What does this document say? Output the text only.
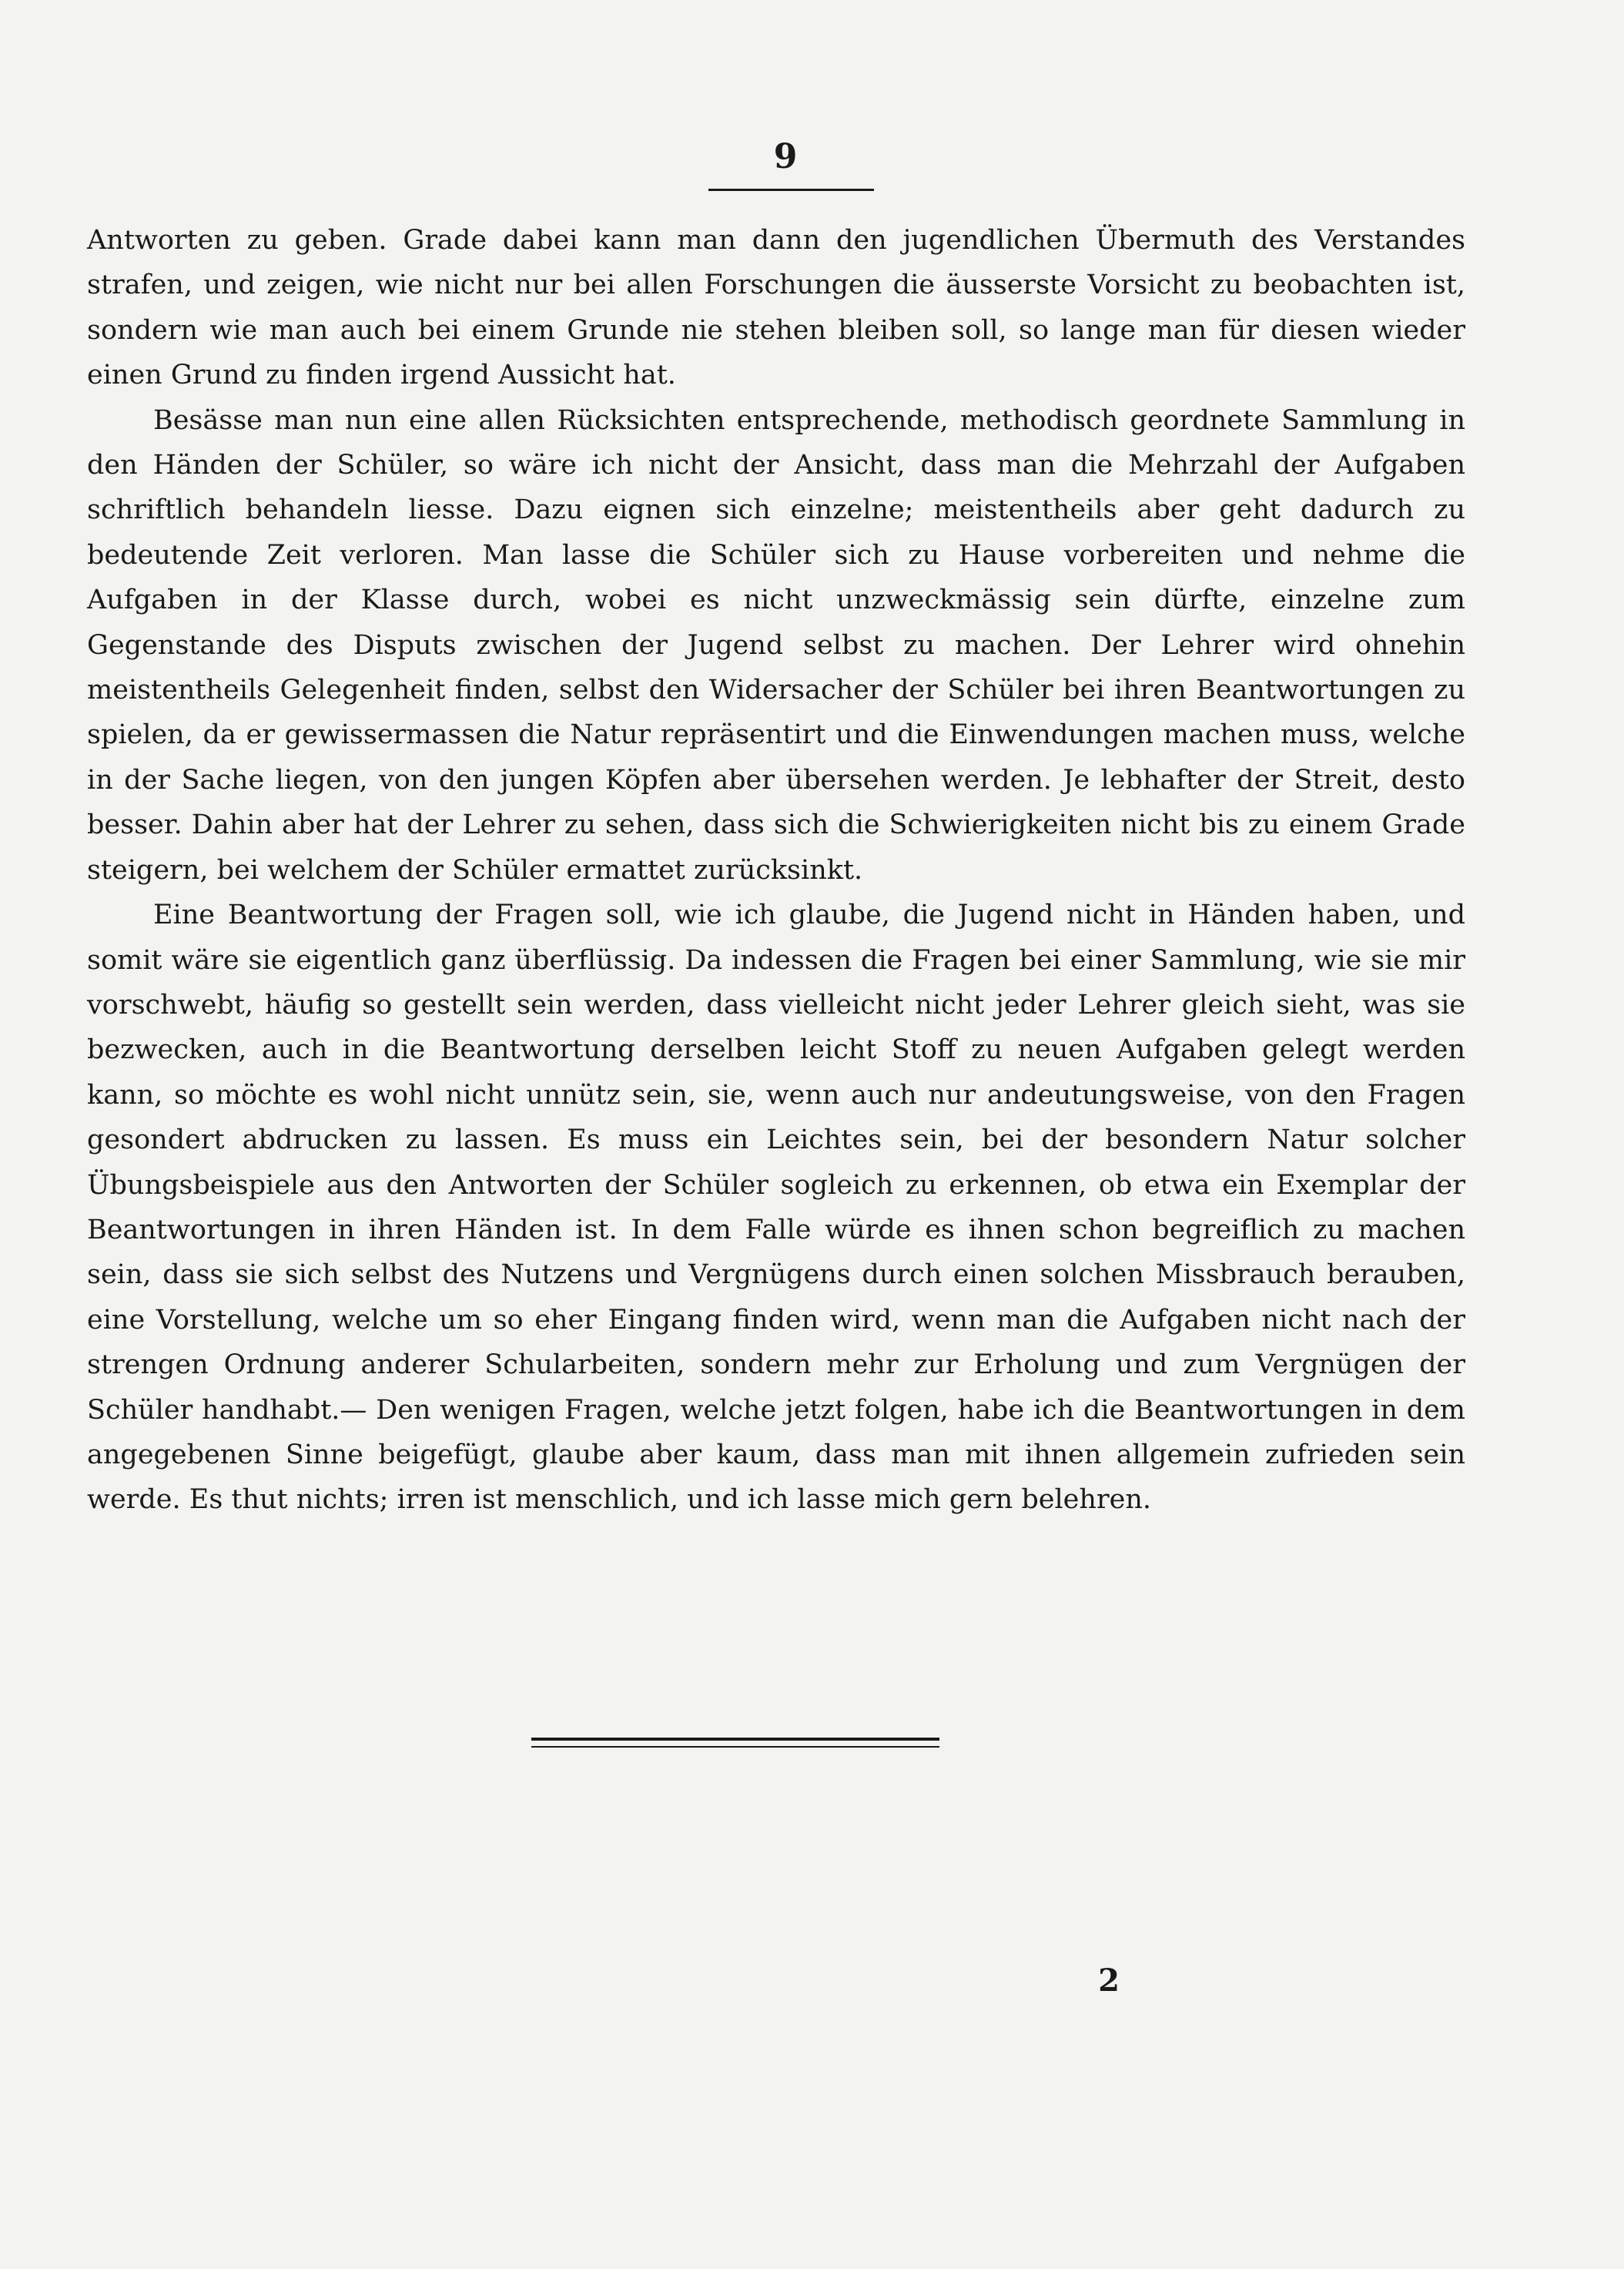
9

Antworten zu geben. Grade dabei kann man dann den jugendlichen Übermuth des Verstandes strafen, und zeigen, wie nicht nur bei allen Forschungen die äusserste Vorsicht zu beobachten ist, sondern wie man auch bei einem Grunde nie stehen bleiben soll, so lange man für diesen wieder einen Grund zu finden irgend Aussicht hat.

Besässe man nun eine allen Rücksichten entsprechende, methodisch geordnete Sammlung in den Händen der Schüler, so wäre ich nicht der Ansicht, dass man die Mehrzahl der Aufgaben schriftlich behandeln liesse. Dazu eignen sich einzelne; meistentheils aber geht dadurch zu bedeutende Zeit verloren. Man lasse die Schüler sich zu Hause vorbereiten und nehme die Aufgaben in der Klasse durch, wobei es nicht unzweckmässig sein dürfte, einzelne zum Gegenstande des Disputs zwischen der Jugend selbst zu machen. Der Lehrer wird ohnehin meistentheils Gelegenheit finden, selbst den Widersacher der Schüler bei ihren Beantwortungen zu spielen, da er gewissermassen die Natur repräsentirt und die Einwendungen machen muss, welche in der Sache liegen, von den jungen Köpfen aber übersehen werden. Je lebhafter der Streit, desto besser. Dahin aber hat der Lehrer zu sehen, dass sich die Schwierigkeiten nicht bis zu einem Grade steigern, bei welchem der Schüler ermattet zurücksinkt.

Eine Beantwortung der Fragen soll, wie ich glaube, die Jugend nicht in Händen haben, und somit wäre sie eigentlich ganz überflüssig. Da indessen die Fragen bei einer Sammlung, wie sie mir vorschwebt, häufig so gestellt sein werden, dass vielleicht nicht jeder Lehrer gleich sieht, was sie bezwecken, auch in die Beantwortung derselben leicht Stoff zu neuen Aufgaben gelegt werden kann, so möchte es wohl nicht unnütz sein, sie, wenn auch nur andeutungsweise, von den Fragen gesondert abdrucken zu lassen. Es muss ein Leichtes sein, bei der besondern Natur solcher Übungsbeispiele aus den Antworten der Schüler sogleich zu erkennen, ob etwa ein Exemplar der Beantwortungen in ihren Händen ist. In dem Falle würde es ihnen schon begreiflich zu machen sein, dass sie sich selbst des Nutzens und Vergnügens durch einen solchen Missbrauch berauben, eine Vorstellung, welche um so eher Eingang finden wird, wenn man die Aufgaben nicht nach der strengen Ordnung anderer Schularbeiten, sondern mehr zur Erholung und zum Vergnügen der Schüler handhabt.— Den wenigen Fragen, welche jetzt folgen, habe ich die Beantwortungen in dem angegebenen Sinne beigefügt, glaube aber kaum, dass man mit ihnen allgemein zufrieden sein werde. Es thut nichts; irren ist menschlich, und ich lasse mich gern belehren.

2
